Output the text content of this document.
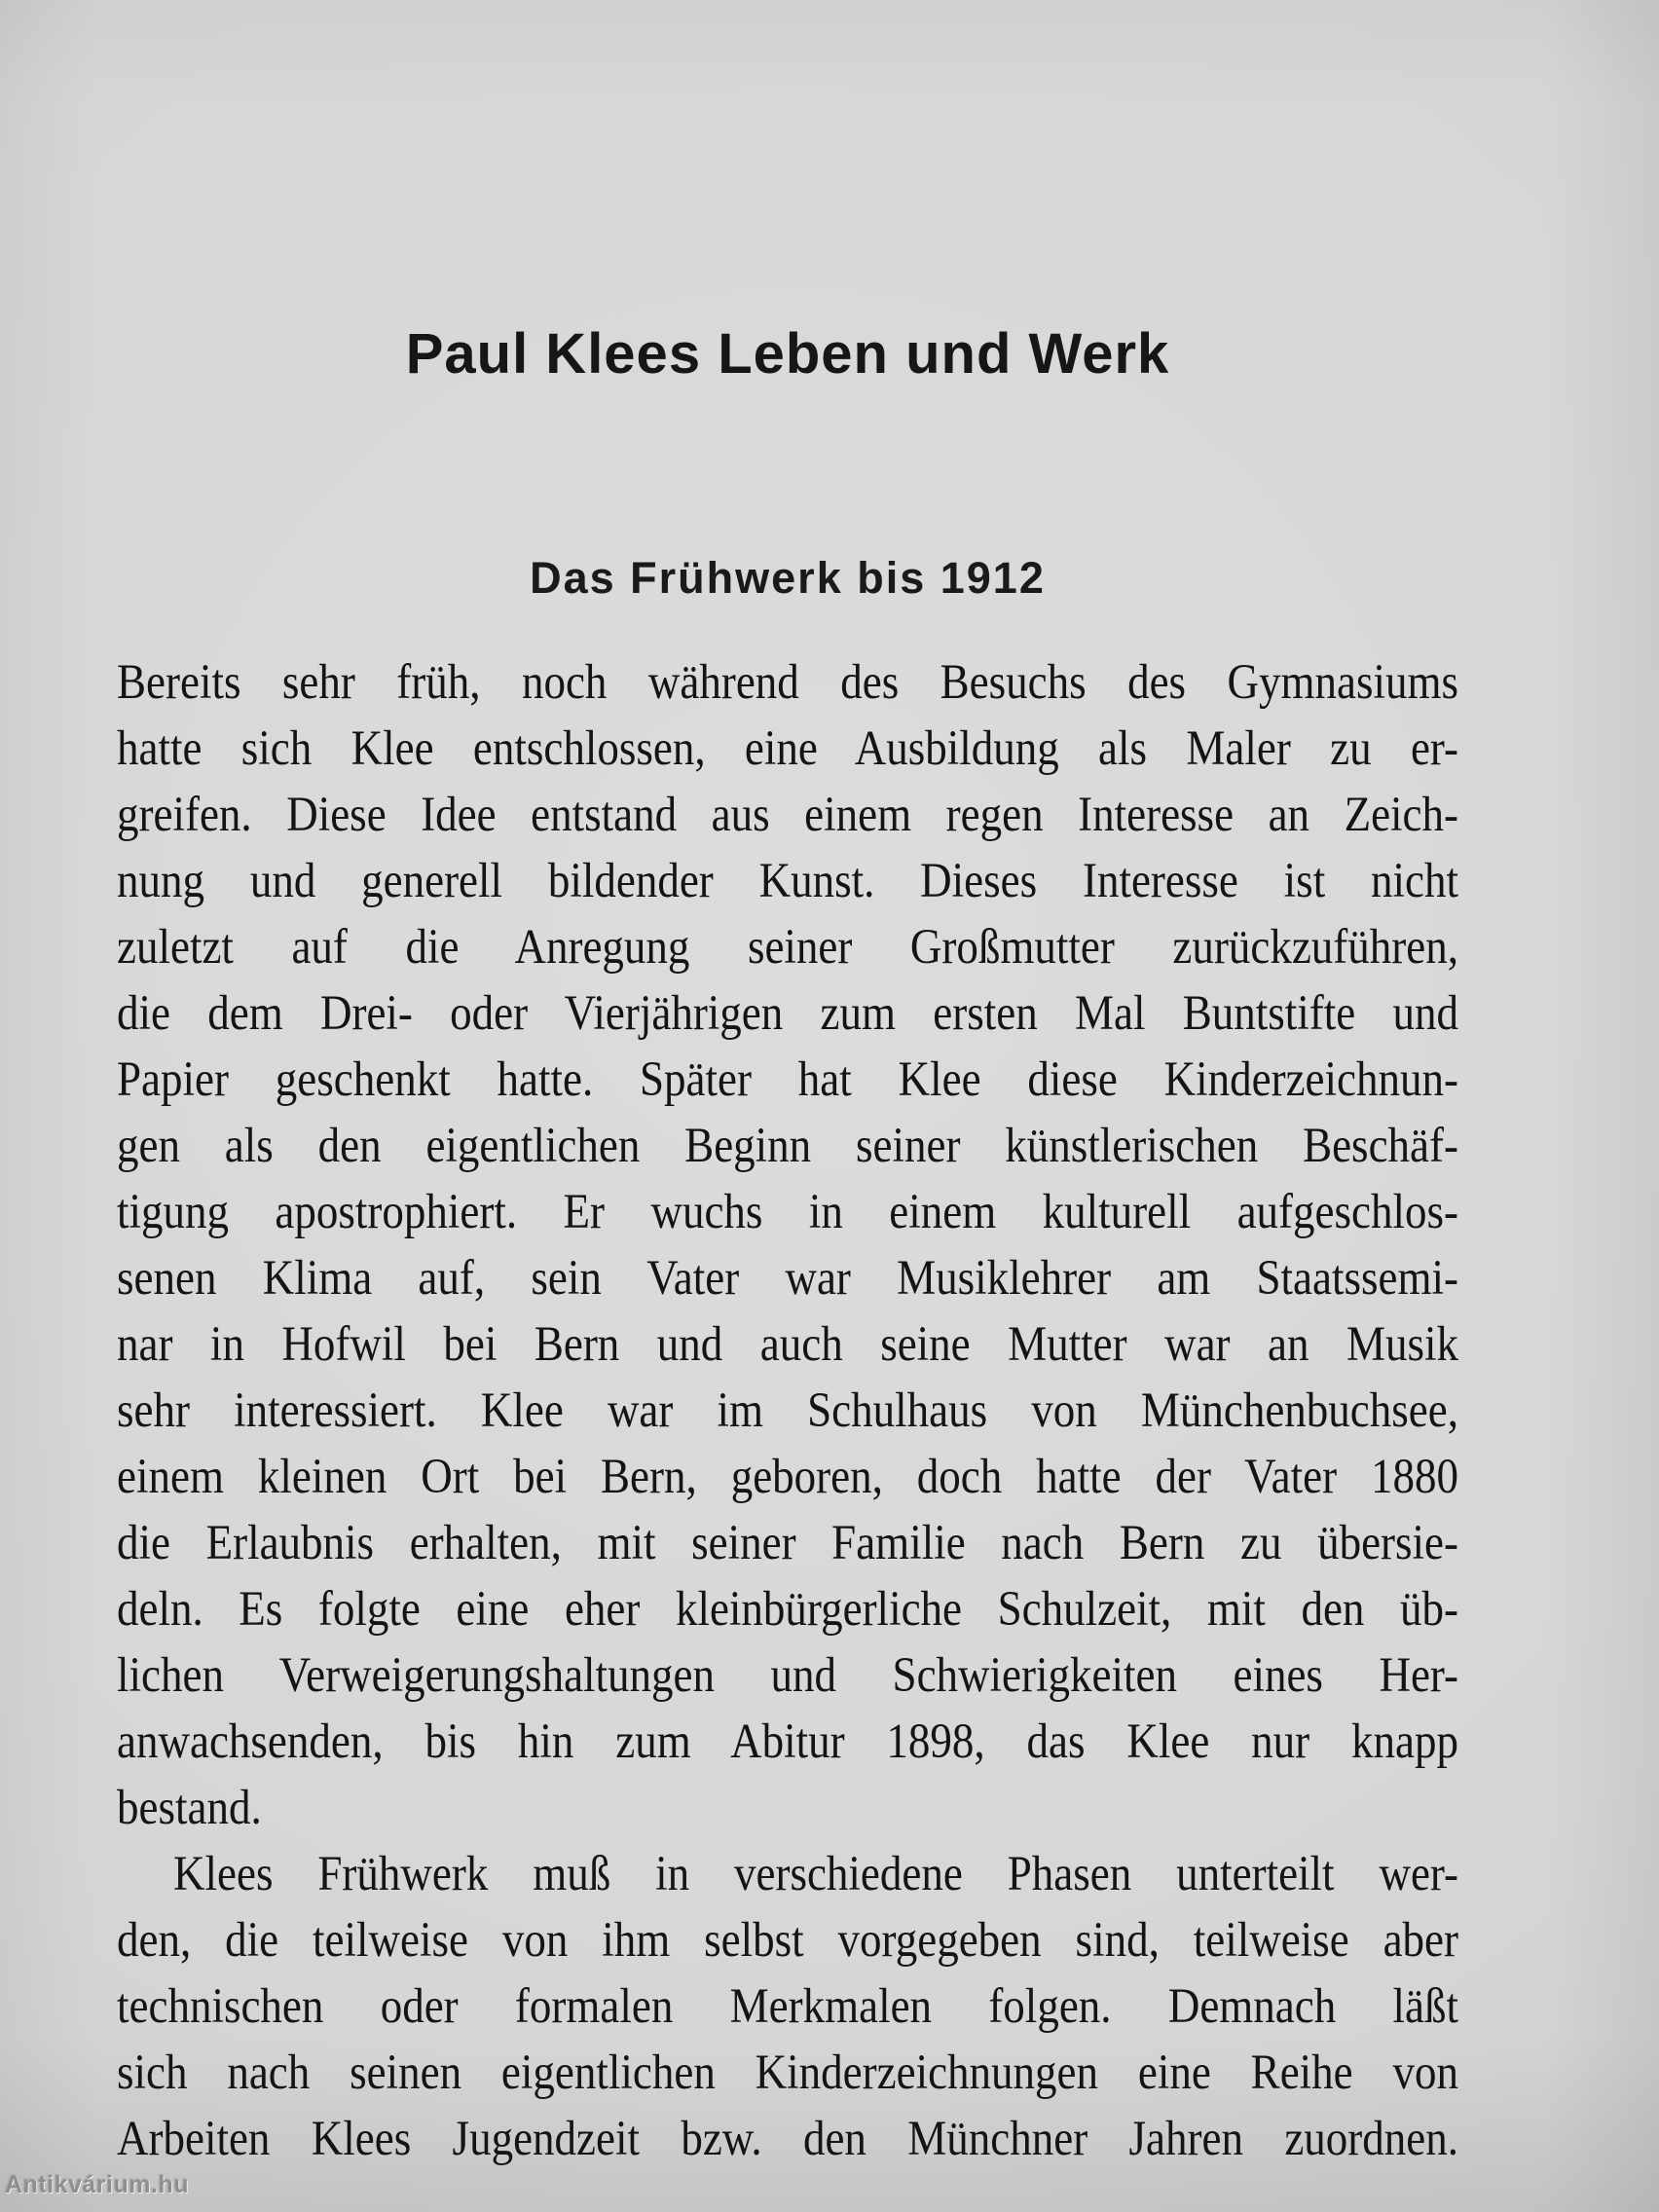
Paul Klees Leben und Werk
Das Frühwerk bis 1912
Bereits sehr früh, noch während des Besuchs des Gymnasiums
hatte sich Klee entschlossen, eine Ausbildung als Maler zu er-
greifen. Diese Idee entstand aus einem regen Interesse an Zeich-
nung und generell bildender Kunst. Dieses Interesse ist nicht
zuletzt auf die Anregung seiner Großmutter zurückzuführen,
die dem Drei- oder Vierjährigen zum ersten Mal Buntstifte und
Papier geschenkt hatte. Später hat Klee diese Kinderzeichnun-
gen als den eigentlichen Beginn seiner künstlerischen Beschäf-
tigung apostrophiert. Er wuchs in einem kulturell aufgeschlos-
senen Klima auf, sein Vater war Musiklehrer am Staatssemi-
nar in Hofwil bei Bern und auch seine Mutter war an Musik
sehr interessiert. Klee war im Schulhaus von Münchenbuchsee,
einem kleinen Ort bei Bern, geboren, doch hatte der Vater 1880
die Erlaubnis erhalten, mit seiner Familie nach Bern zu übersie-
deln. Es folgte eine eher kleinbürgerliche Schulzeit, mit den üb-
lichen Verweigerungshaltungen und Schwierigkeiten eines Her-
anwachsenden, bis hin zum Abitur 1898, das Klee nur knapp
bestand.
Klees Frühwerk muß in verschiedene Phasen unterteilt wer-
den, die teilweise von ihm selbst vorgegeben sind, teilweise aber
technischen oder formalen Merkmalen folgen. Demnach läßt
sich nach seinen eigentlichen Kinderzeichnungen eine Reihe von
Arbeiten Klees Jugendzeit bzw. den Münchner Jahren zuordnen.
Antikvárium.hu
